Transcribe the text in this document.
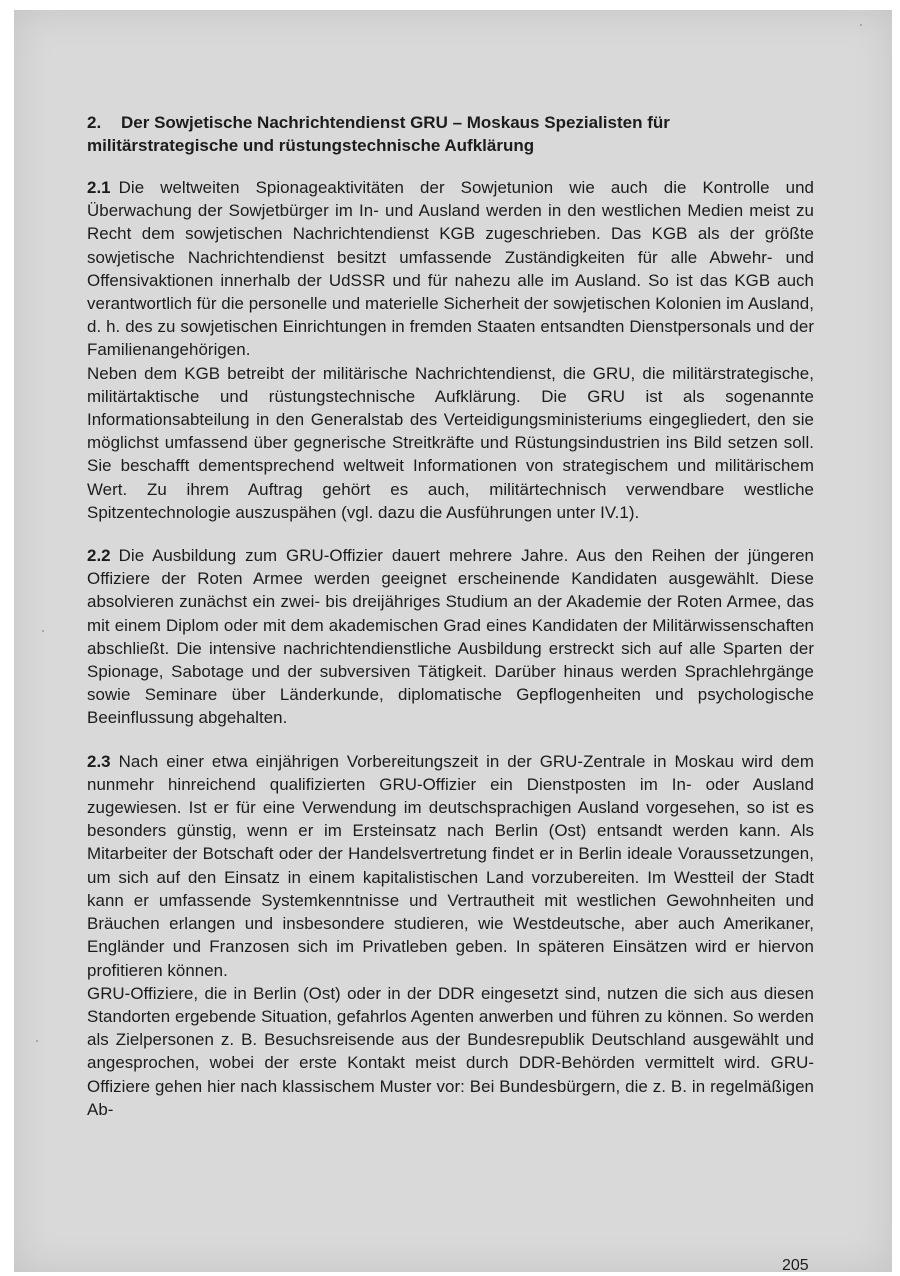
2. Der Sowjetische Nachrichtendienst GRU – Moskaus Spezialisten für militärstrategische und rüstungstechnische Aufklärung

2.1 Die weltweiten Spionageaktivitäten der Sowjetunion wie auch die Kontrolle und Überwachung der Sowjetbürger im In- und Ausland werden in den westlichen Medien meist zu Recht dem sowjetischen Nachrichtendienst KGB zugeschrieben. Das KGB als der größte sowjetische Nachrichtendienst besitzt umfassende Zuständigkeiten für alle Abwehr- und Offensivaktionen innerhalb der UdSSR und für nahezu alle im Ausland. So ist das KGB auch verantwortlich für die personelle und materielle Sicherheit der sowjetischen Kolonien im Ausland, d. h. des zu sowjetischen Einrichtungen in fremden Staaten entsandten Dienstpersonals und der Familienangehörigen.

Neben dem KGB betreibt der militärische Nachrichtendienst, die GRU, die militärstrategische, militärtaktische und rüstungstechnische Aufklärung. Die GRU ist als sogenannte Informationsabteilung in den Generalstab des Verteidigungsministeriums eingegliedert, den sie möglichst umfassend über gegnerische Streitkräfte und Rüstungsindustrien ins Bild setzen soll. Sie beschafft dementsprechend weltweit Informationen von strategischem und militärischem Wert. Zu ihrem Auftrag gehört es auch, militärtechnisch verwendbare westliche Spitzentechnologie auszuspähen (vgl. dazu die Ausführungen unter IV.1).

2.2 Die Ausbildung zum GRU-Offizier dauert mehrere Jahre. Aus den Reihen der jüngeren Offiziere der Roten Armee werden geeignet erscheinende Kandidaten ausgewählt. Diese absolvieren zunächst ein zwei- bis dreijähriges Studium an der Akademie der Roten Armee, das mit einem Diplom oder mit dem akademischen Grad eines Kandidaten der Militärwissenschaften abschließt. Die intensive nachrichtendienstliche Ausbildung erstreckt sich auf alle Sparten der Spionage, Sabotage und der subversiven Tätigkeit. Darüber hinaus werden Sprachlehrgänge sowie Seminare über Länderkunde, diplomatische Gepflogenheiten und psychologische Beeinflussung abgehalten.

2.3 Nach einer etwa einjährigen Vorbereitungszeit in der GRU-Zentrale in Moskau wird dem nunmehr hinreichend qualifizierten GRU-Offizier ein Dienstposten im In- oder Ausland zugewiesen. Ist er für eine Verwendung im deutschsprachigen Ausland vorgesehen, so ist es besonders günstig, wenn er im Ersteinsatz nach Berlin (Ost) entsandt werden kann. Als Mitarbeiter der Botschaft oder der Handelsvertretung findet er in Berlin ideale Voraussetzungen, um sich auf den Einsatz in einem kapitalistischen Land vorzubereiten. Im Westteil der Stadt kann er umfassende Systemkenntnisse und Vertrautheit mit westlichen Gewohnheiten und Bräuchen erlangen und insbesondere studieren, wie Westdeutsche, aber auch Amerikaner, Engländer und Franzosen sich im Privatleben geben. In späteren Einsätzen wird er hiervon profitieren können.

GRU-Offiziere, die in Berlin (Ost) oder in der DDR eingesetzt sind, nutzen die sich aus diesen Standorten ergebende Situation, gefahrlos Agenten anwerben und führen zu können. So werden als Zielpersonen z. B. Besuchsreisende aus der Bundesrepublik Deutschland ausgewählt und angesprochen, wobei der erste Kontakt meist durch DDR-Behörden vermittelt wird. GRU-Offiziere gehen hier nach klassischem Muster vor: Bei Bundesbürgern, die z. B. in regelmäßigen Ab-

205
